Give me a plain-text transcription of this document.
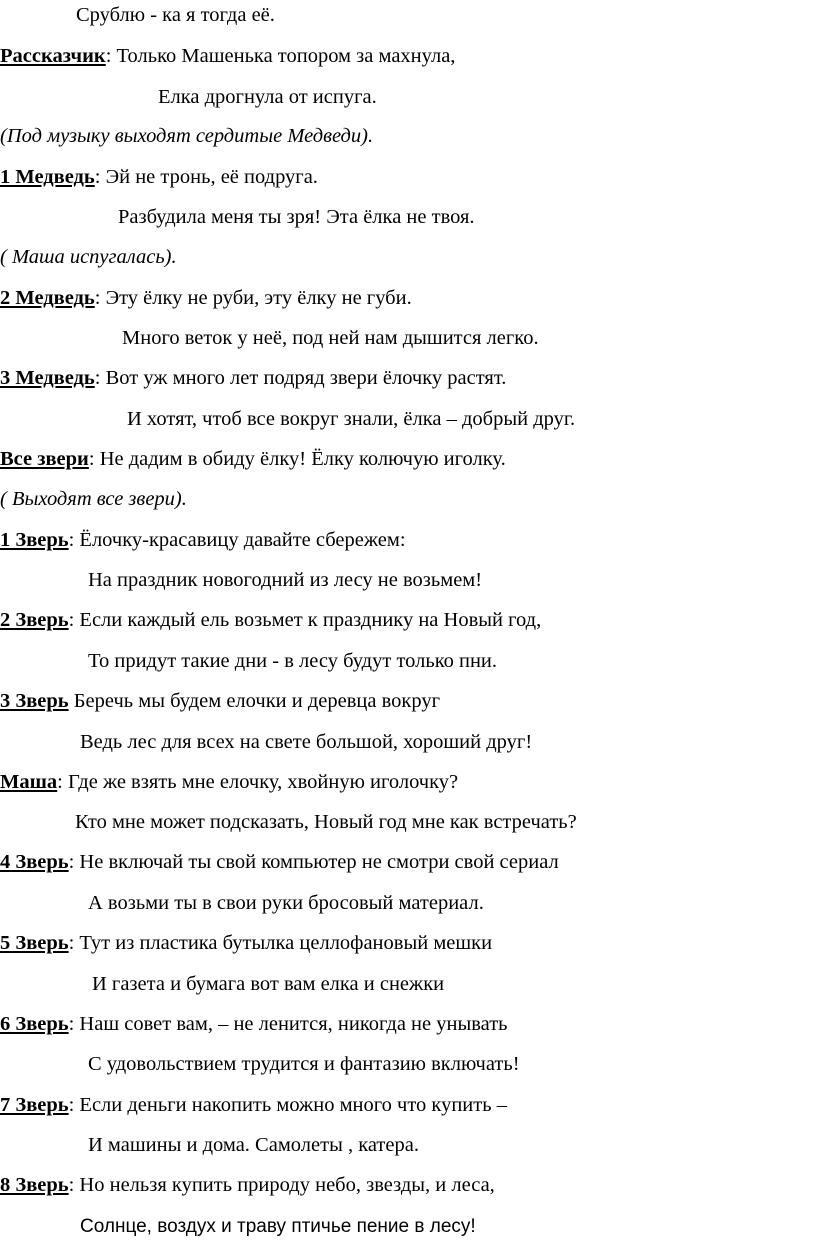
Срублю - ка я тогда её.
Рассказчик: Только Машенька топором за махнула,
Елка дрогнула от испуга.
(Под музыку выходят сердитые Медведи).
1 Медведь: Эй не тронь, её подруга.
Разбудила меня ты зря! Эта ёлка не твоя.
( Маша испугалась).
2 Медведь: Эту ёлку не руби, эту ёлку не губи.
Много веток у неё, под ней нам дышится легко.
3 Медведь: Вот уж много лет подряд звери ёлочку растят.
И хотят, чтоб все вокруг знали, ёлка – добрый друг.
Все звери: Не дадим в обиду ёлку! Ёлку колючую иголку.
( Выходят все звери).
1 Зверь: Ёлочку-красавицу давайте сбережем:
На праздник новогодний из лесу не возьмем!
2 Зверь: Если каждый ель возьмет к празднику на Новый год,
То придут такие дни - в лесу будут только пни.
3 Зверь Беречь мы будем елочки и деревца вокруг
Ведь лес для всех на свете большой, хороший друг!
Маша: Где же взять мне елочку, хвойную иголочку?
Кто мне может подсказать, Новый год мне как встречать?
4 Зверь: Не включай ты свой компьютер не смотри свой сериал
А возьми ты в свои руки бросовый материал.
5 Зверь: Тут из пластика бутылка целлофановый мешки
И газета и бумага вот вам елка и снежки
6 Зверь: Наш совет вам, – не ленится, никогда не унывать
С удовольствием трудится и фантазию включать!
7 Зверь: Если деньги накопить можно много что купить –
И машины и дома. Самолеты , катера.
8 Зверь: Но нельзя купить природу небо, звезды, и леса,
Солнце, воздух и траву птичье пение в лесу!
